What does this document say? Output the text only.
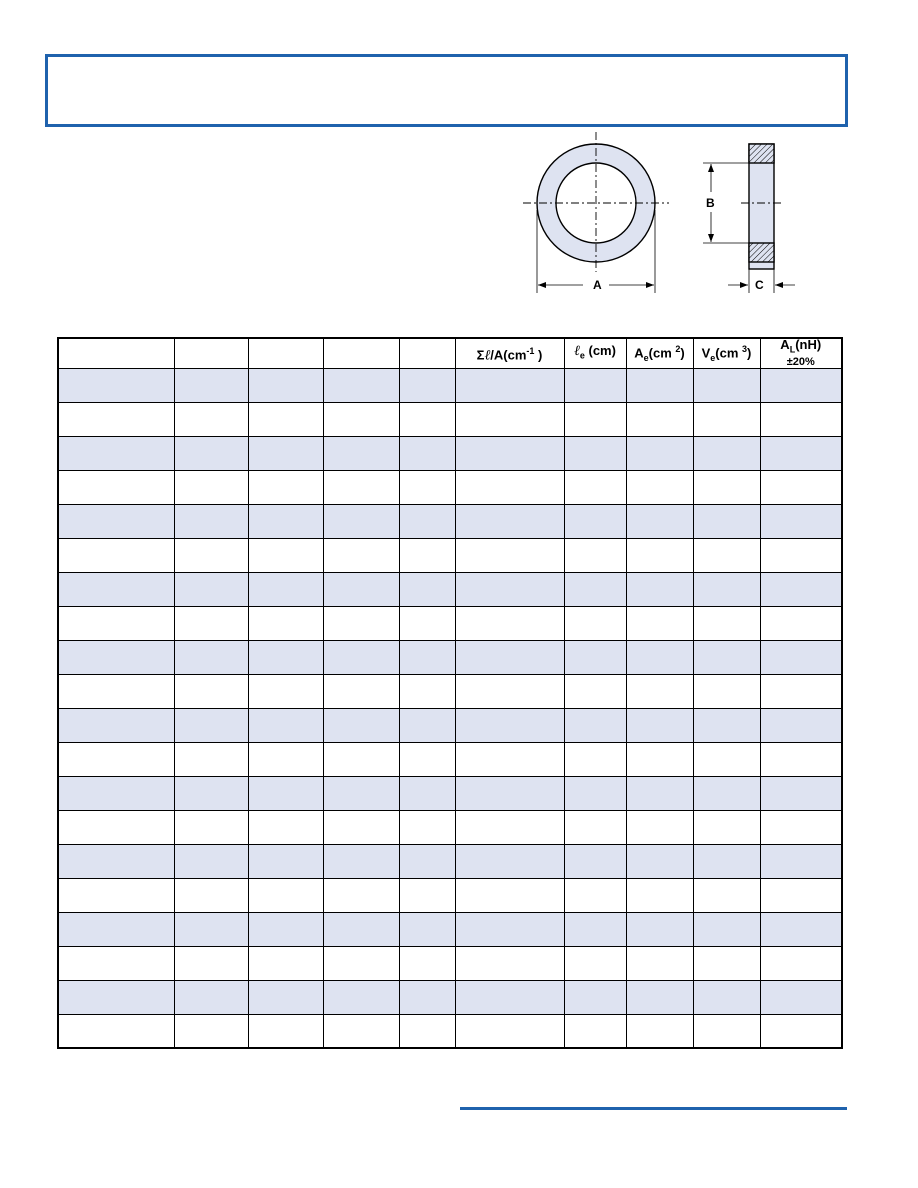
A
B
C
					$\Sigma\ell/A(cm^{-1}$ )	ℓ$_e$ (cm)	$A_e(cm$ $^2$)	$V_e(cm$ $^3$)	$A_L(nH)$
±20%
